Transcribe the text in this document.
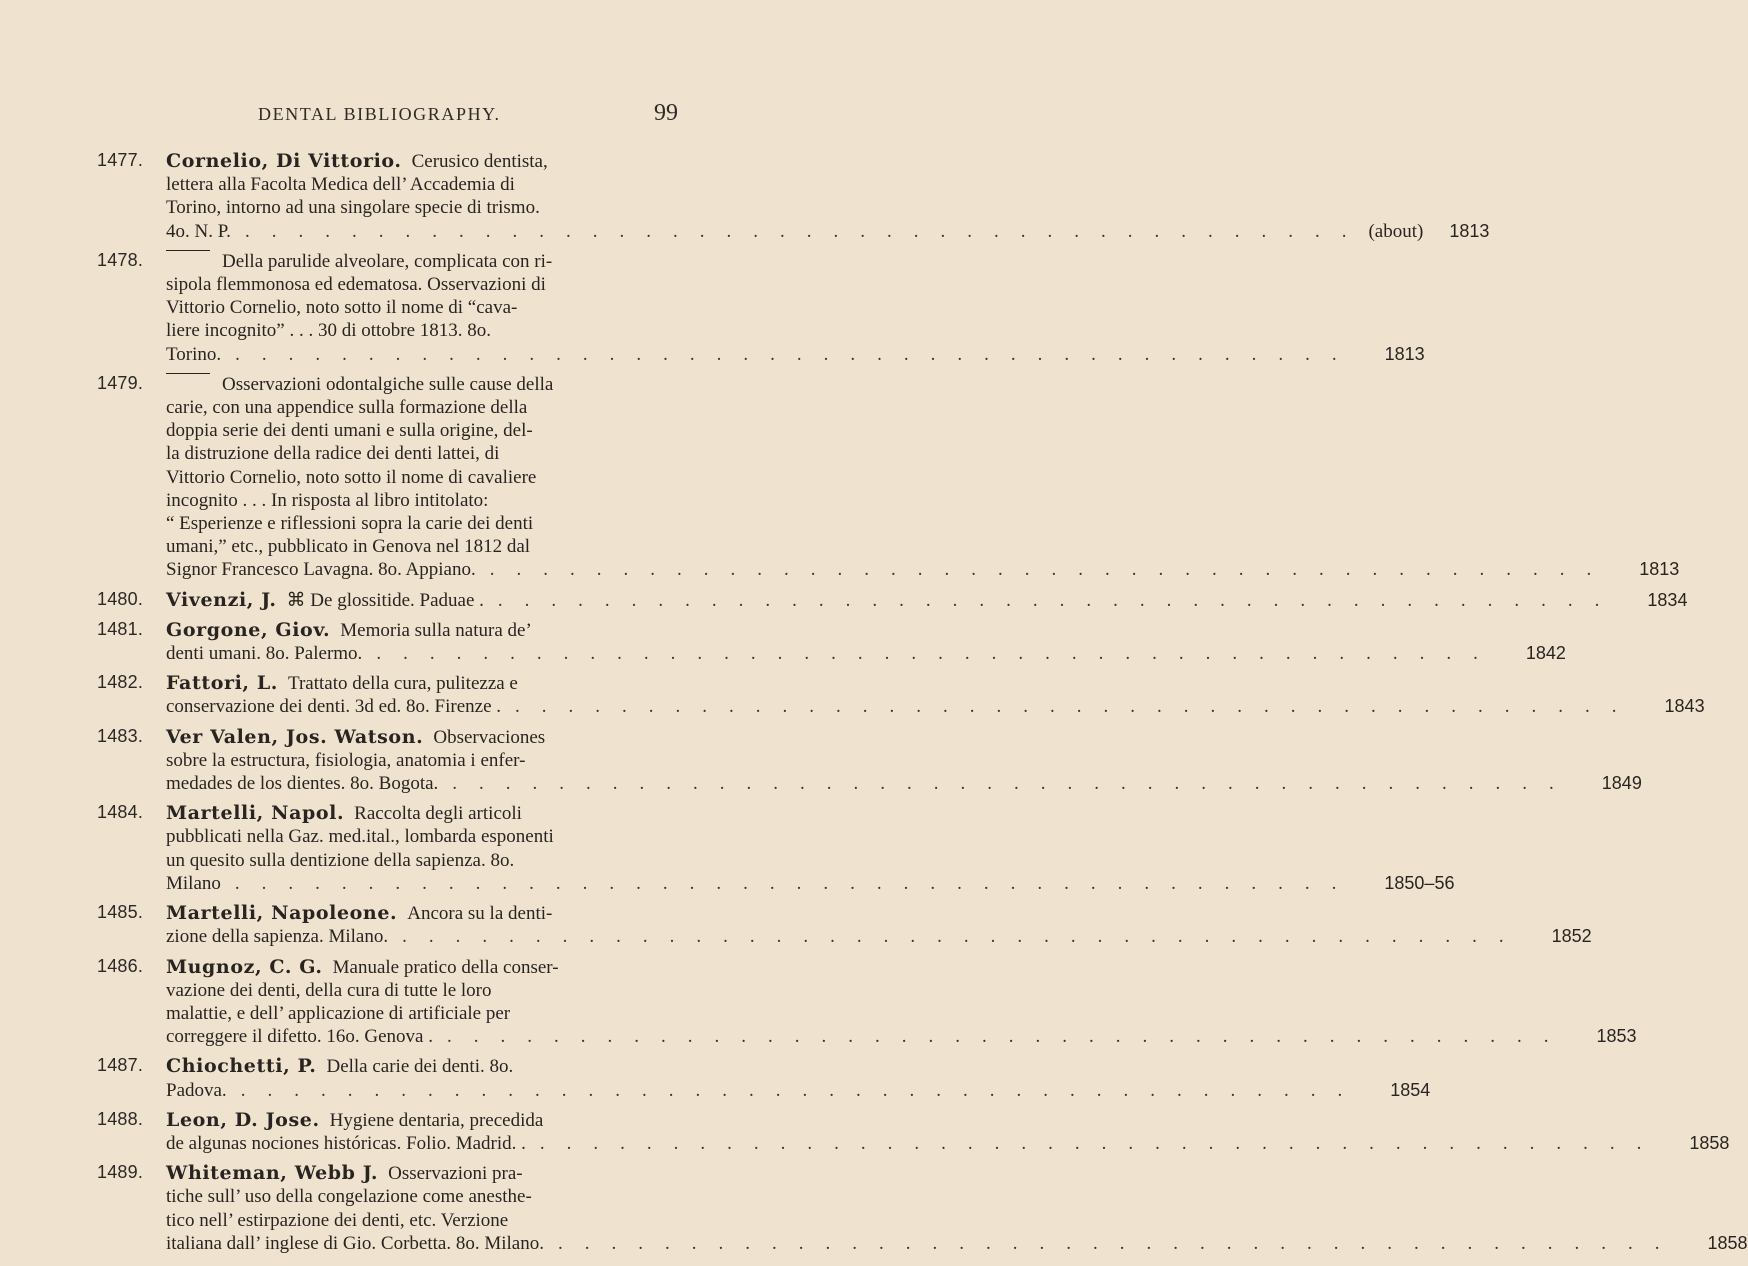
DENTAL BIBLIOGRAPHY.	99
1477. Cornelio, Di Vittorio. Cerusico dentista,
lettera alla Facolta Medica dell’ Accademia di
Torino, intorno ad una singolare specie di trismo.
4o. N. P. .......................................... (about) 1813
1478.	Della parulide alveolare, complicata con ri-
sipola flemmonosa ed edematosa. Osservazioni di
Vittorio Cornelio, noto sotto il nome di “cava-
liere incognito” . . . 30 di ottobre 1813. 8o.
Torino. .......................................... 1813
1479.	Osservazioni odontalgiche sulle cause della
carie, con una appendice sulla formazione della
doppia serie dei denti umani e sulla origine, del-
la distruzione della radice dei denti lattei, di
Vittorio Cornelio, noto sotto il nome di cavaliere
incognito . . . In risposta al libro intitolato:
“ Esperienze e riflessioni sopra la carie dei denti
umani,” etc., pubblicato in Genova nel 1812 dal
Signor Francesco Lavagna. 8o. Appiano. .......................................... 1813
1480. Vivenzi, J. ⌘ De glossitide. Paduae . .......................................... 1834
1481. Gorgone, Giov. Memoria sulla natura de’
denti umani. 8o. Palermo. .......................................... 1842
1482. Fattori, L. Trattato della cura, pulitezza e
conservazione dei denti. 3d ed. 8o. Firenze . .......................................... 1843
1483. Ver Valen, Jos. Watson. Observaciones
sobre la estructura, fisiologia, anatomia i enfer-
medades de los dientes. 8o. Bogota. .......................................... 1849
1484. Martelli, Napol. Raccolta degli articoli
pubblicati nella Gaz. med.ital., lombarda esponenti
un quesito sulla dentizione della sapienza. 8o.
Milano .......................................... 1850–56
1485. Martelli, Napoleone. Ancora su la denti-
zione della sapienza. Milano. .......................................... 1852
1486. Mugnoz, C. G. Manuale pratico della conser-
vazione dei denti, della cura di tutte le loro
malattie, e dell’ applicazione di artificiale per
correggere il difetto. 16o. Genova . .......................................... 1853
1487. Chiochetti, P. Della carie dei denti. 8o.
Padova. .......................................... 1854
1488. Leon, D. Jose. Hygiene dentaria, precedida
de algunas nociones históricas. Folio. Madrid. . .......................................... 1858
1489. Whiteman, Webb J. Osservazioni pra-
tiche sull’ uso della congelazione come anesthe-
tico nell’ estirpazione dei denti, etc. Verzione
italiana dall’ inglese di Gio. Corbetta. 8o. Milano. .......................................... 1858
